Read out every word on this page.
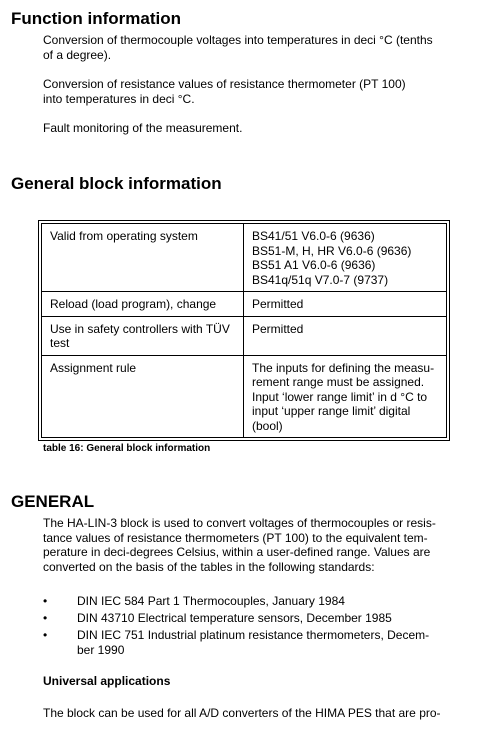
Function information

Conversion of thermocouple voltages into temperatures in deci °C (tenths
of a degree).

Conversion of resistance values of resistance thermometer (PT 100)
into temperatures in deci °C.

Fault monitoring of the measurement.

General block information
Valid from operating system	BS41/51 V6.0-6 (9636)
BS51-M, H, HR V6.0-6 (9636)
BS51 A1 V6.0-6 (9636)
BS41q/51q V7.0-7 (9737)

Reload (load program), change	Permitted

Use in safety controllers with TÜV
test	Permitted

Assignment rule	The inputs for defining the measu-
rement range must be assigned.
Input ‘lower range limit’ in d °C to
input ‘upper range limit’ digital
(bool)

table 16: General block information

GENERAL

The HA-LIN-3 block is used to convert voltages of thermocouples or resis-
tance values of resistance thermometers (PT 100) to the equivalent tem-
perature in deci-degrees Celsius, within a user-defined range. Values are
converted on the basis of the tables in the following standards:

• DIN IEC 584 Part 1 Thermocouples, January 1984
• DIN 43710 Electrical temperature sensors, December 1985
• DIN IEC 751 Industrial platinum resistance thermometers, Decem-
ber 1990
Universal applications

The block can be used for all A/D converters of the HIMA PES that are pro-
